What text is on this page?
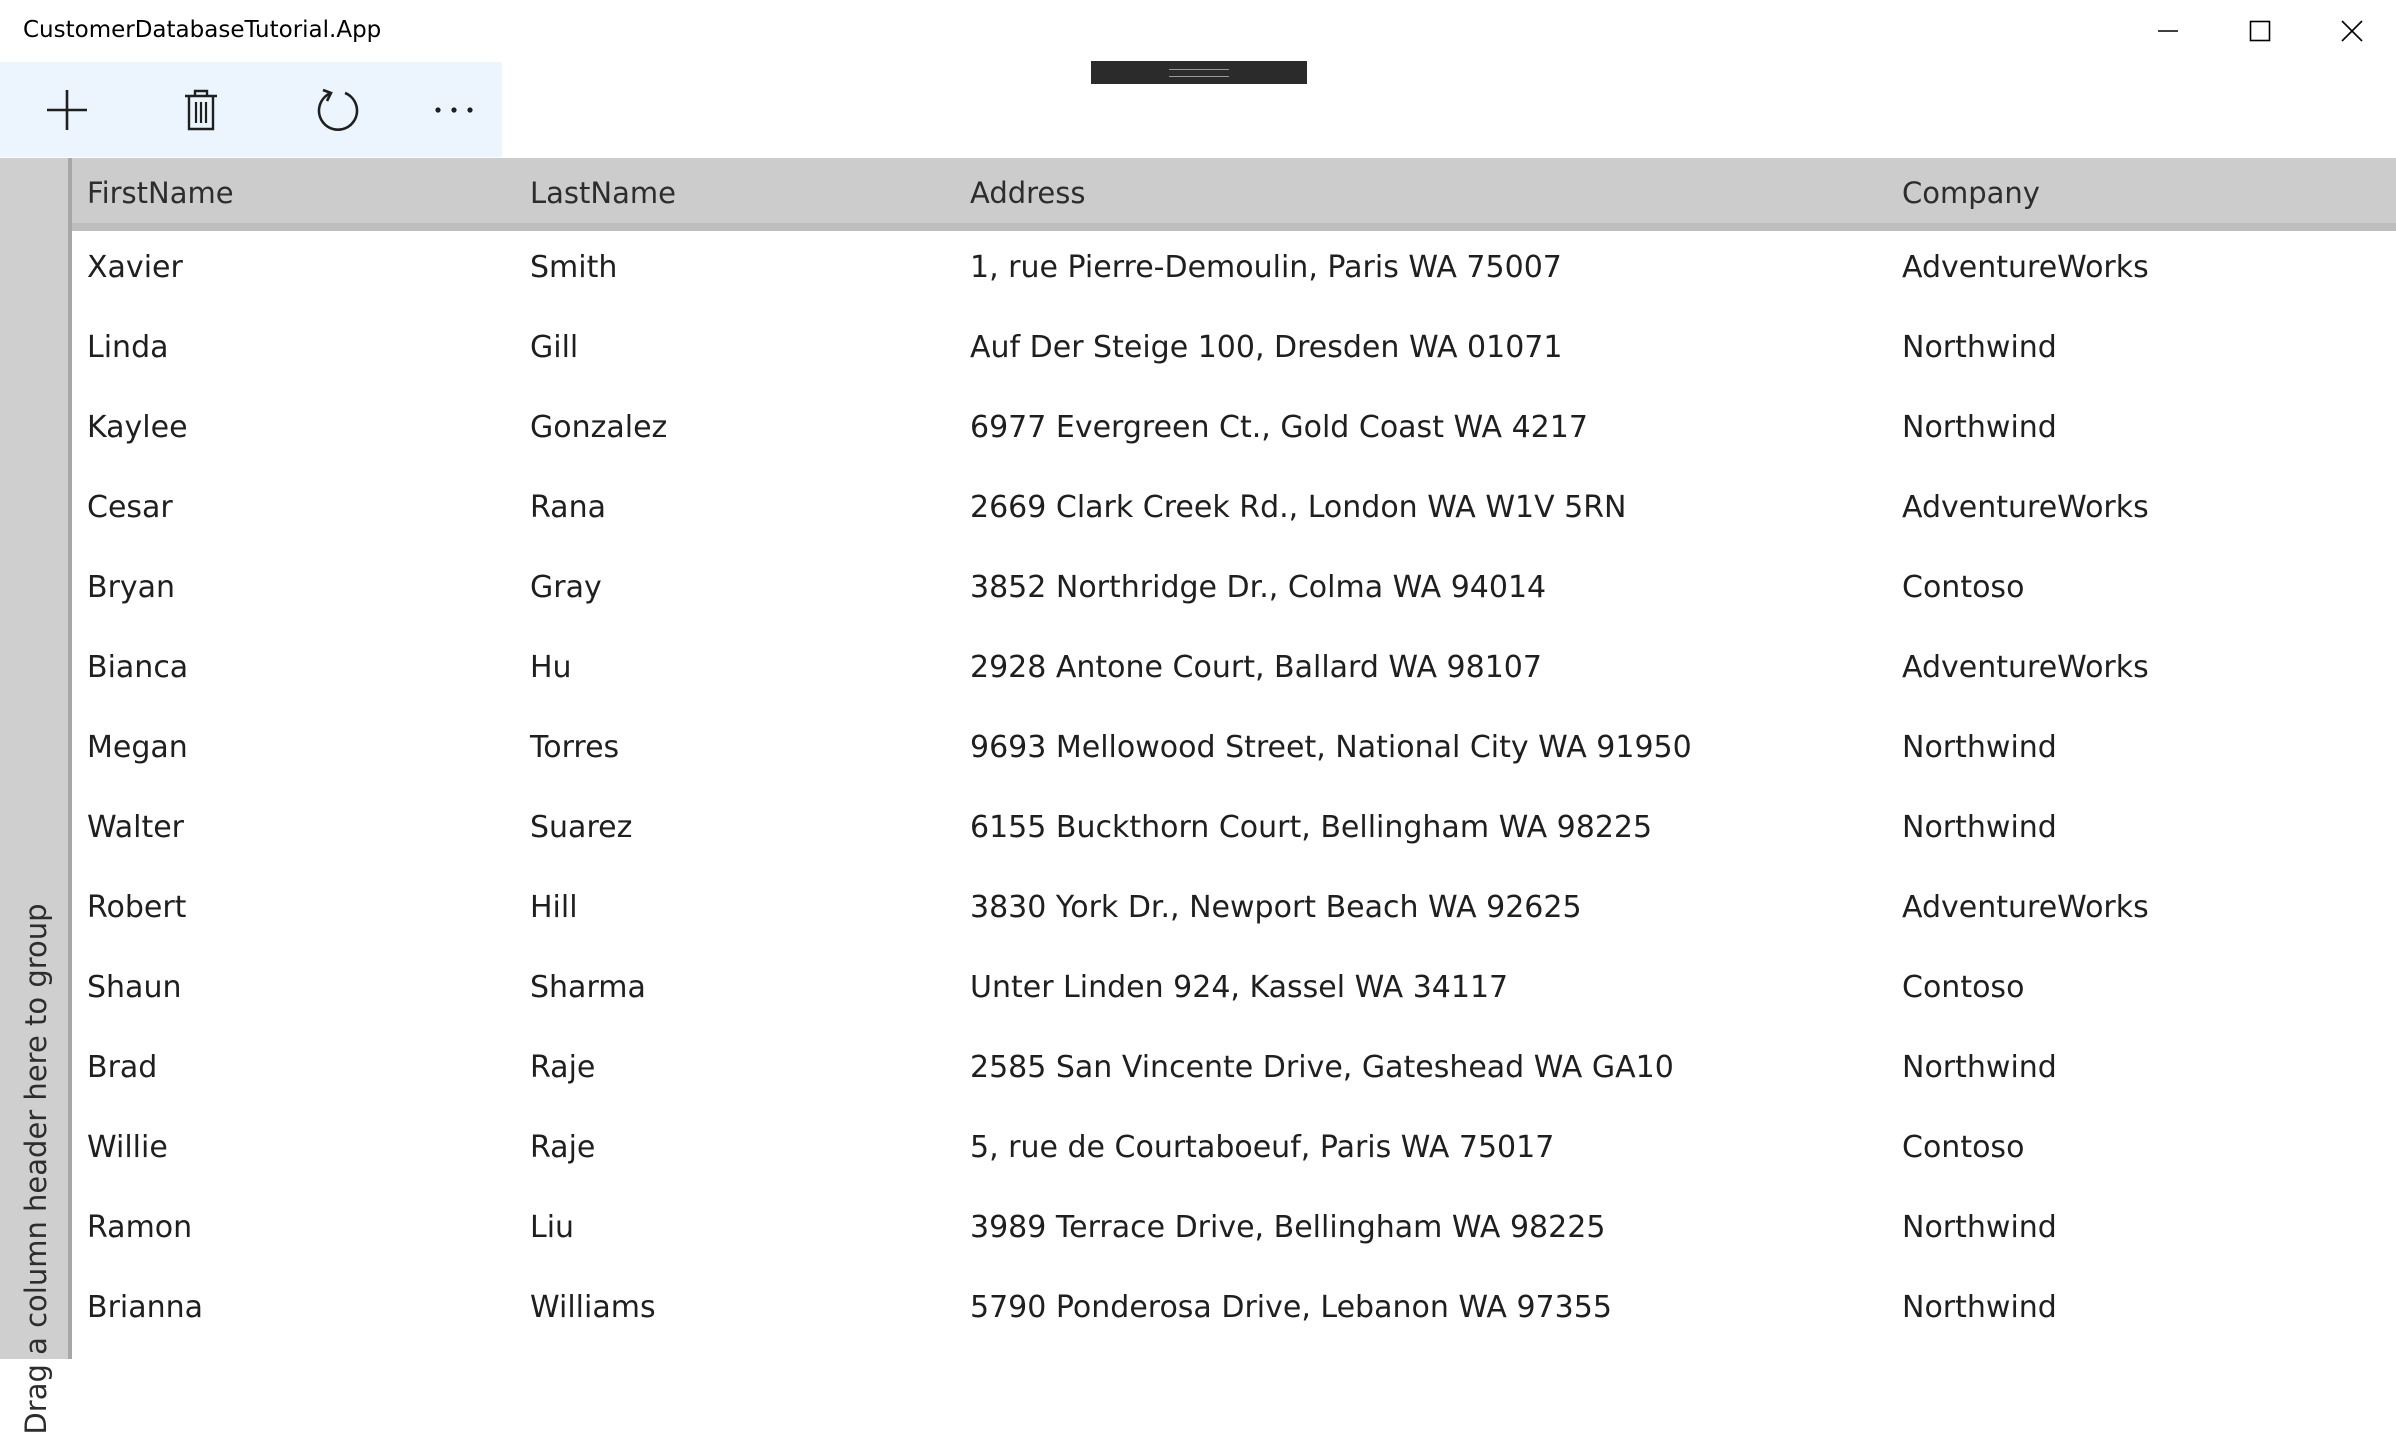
CustomerDatabaseTutorial.App
Drag a column header here to group
FirstName	LastName	Address	Company
Xavier	Smith	1, rue Pierre-Demoulin, Paris WA 75007	AdventureWorks
Linda	Gill	Auf Der Steige 100, Dresden WA 01071	Northwind
Kaylee	Gonzalez	6977 Evergreen Ct., Gold Coast WA 4217	Northwind
Cesar	Rana	2669 Clark Creek Rd., London WA W1V 5RN	AdventureWorks
Bryan	Gray	3852 Northridge Dr., Colma WA 94014	Contoso
Bianca	Hu	2928 Antone Court, Ballard WA 98107	AdventureWorks
Megan	Torres	9693 Mellowood Street, National City WA 91950	Northwind
Walter	Suarez	6155 Buckthorn Court, Bellingham WA 98225	Northwind
Robert	Hill	3830 York Dr., Newport Beach WA 92625	AdventureWorks
Shaun	Sharma	Unter Linden 924, Kassel WA 34117	Contoso
Brad	Raje	2585 San Vincente Drive, Gateshead WA GA10	Northwind
Willie	Raje	5, rue de Courtaboeuf, Paris WA 75017	Contoso
Ramon	Liu	3989 Terrace Drive, Bellingham WA 98225	Northwind
Brianna	Williams	5790 Ponderosa Drive, Lebanon WA 97355	Northwind
